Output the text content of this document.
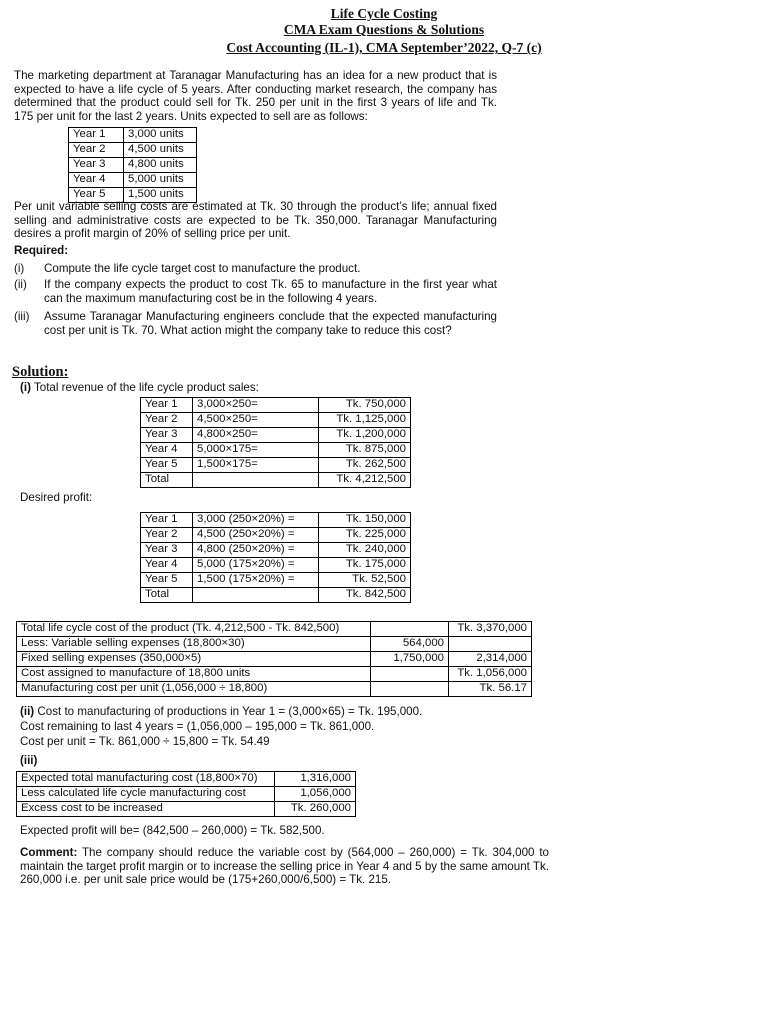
Life Cycle Costing
CMA Exam Questions & Solutions
Cost Accounting (IL-1), CMA September’2022, Q-7 (c)
The marketing department at Taranagar Manufacturing has an idea for a new product that is expected to have a life cycle of 5 years. After conducting market research, the company has determined that the product could sell for Tk. 250 per unit in the first 3 years of life and Tk. 175 per unit for the last 2 years. Units expected to sell are as follows:
Year 1	3,000 units
Year 2	4,500 units
Year 3	4,800 units
Year 4	5,000 units
Year 5	1,500 units
Per unit variable selling costs are estimated at Tk. 30 through the product’s life; annual fixed selling and administrative costs are expected to be Tk. 350,000. Taranagar Manufacturing desires a profit margin of 20% of selling price per unit.
Required:
(i) Compute the life cycle target cost to manufacture the product.
(ii) If the company expects the product to cost Tk. 65 to manufacture in the first year what can the maximum manufacturing cost be in the following 4 years.
(iii) Assume Taranagar Manufacturing engineers conclude that the expected manufacturing cost per unit is Tk. 70. What action might the company take to reduce this cost?
Solution:
(i) Total revenue of the life cycle product sales:
Year 1	3,000×250=	Tk. 750,000
Year 2	4,500×250=	Tk. 1,125,000
Year 3	4,800×250=	Tk. 1,200,000
Year 4	5,000×175=	Tk. 875,000
Year 5	1,500×175=	Tk. 262,500
Total		Tk. 4,212,500
Desired profit:
Year 1	3,000 (250×20%) =	Tk. 150,000
Year 2	4,500 (250×20%) =	Tk. 225,000
Year 3	4,800 (250×20%) =	Tk. 240,000
Year 4	5,000 (175×20%) =	Tk. 175,000
Year 5	1,500 (175×20%) =	Tk. 52,500
Total		Tk. 842,500
Total life cycle cost of the product (Tk. 4,212,500 - Tk. 842,500)		Tk. 3,370,000
Less: Variable selling expenses (18,800×30)	564,000	
Fixed selling expenses (350,000×5)	1,750,000	2,314,000
Cost assigned to manufacture of 18,800 units		Tk. 1,056,000
Manufacturing cost per unit (1,056,000 ÷ 18,800)		Tk. 56.17
(ii) Cost to manufacturing of productions in Year 1 = (3,000×65) = Tk. 195,000.
Cost remaining to last 4 years = (1,056,000 – 195,000 = Tk. 861,000.
Cost per unit = Tk. 861,000 ÷ 15,800 = Tk. 54.49
(iii)
Expected total manufacturing cost (18,800×70)	1,316,000
Less calculated life cycle manufacturing cost	1,056,000
Excess cost to be increased	Tk. 260,000
Expected profit will be= (842,500 – 260,000) = Tk. 582,500.
Comment: The company should reduce the variable cost by (564,000 – 260,000) = Tk. 304,000 to maintain the target profit margin or to increase the selling price in Year 4 and 5 by the same amount Tk. 260,000 i.e. per unit sale price would be (175+260,000/6,500) = Tk. 215.
